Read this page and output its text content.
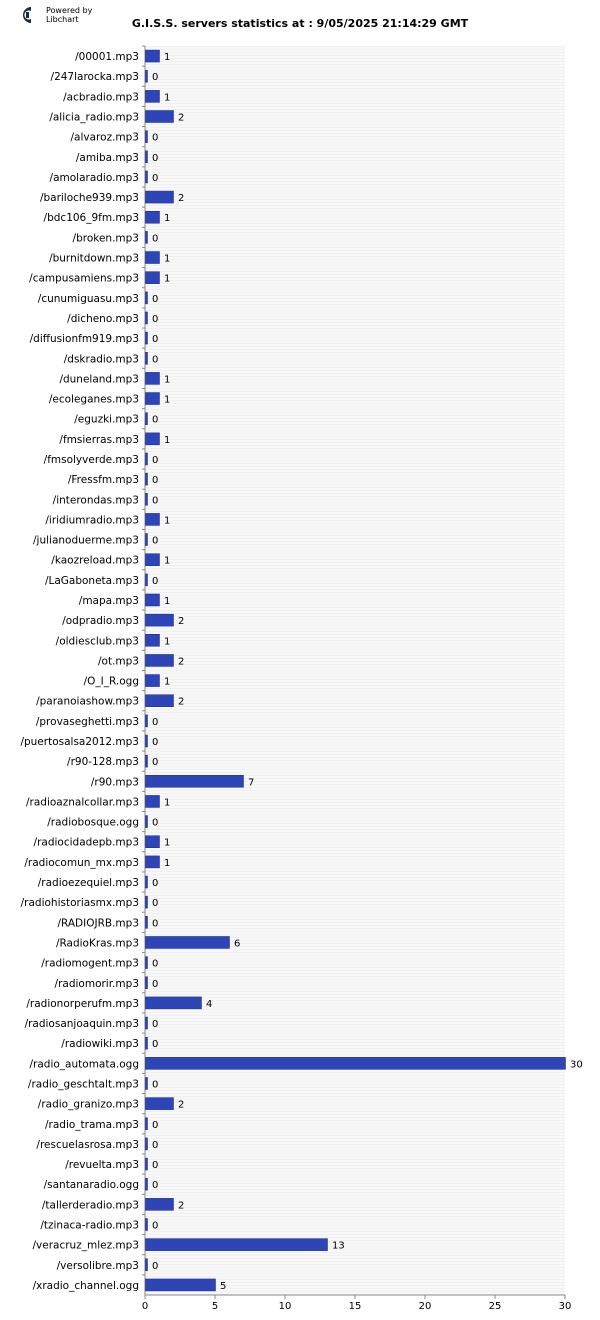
Powered by
Libchart	G.I.S.S. servers statistics at : 9/05/2025 21:14:29 GMT
/00001.mp3	1
/247larocka.mp3 0
/acbradio.mp3	1
/alicia_radio.mp3	2
/alvaroz.mp3 0
/amiba.mp3 0
/amolaradio.mp3 0
/bariloche939.mp3	2
/bdc106_9fm.mp3	1
/broken.mp3 0
/burnitdown.mp3	1
/campusamiens.mp3	1
/cunumiguasu.mp3 0
/dicheno.mp3 0
/diffusionfm919.mp3 0
/dskradio.mp3 0
/duneland.mp3	1
/ecoleganes.mp3	1
/eguzki.mp3 0
/fmsierras.mp3	1
/fmsolyverde.mp3 0
/Fressfm.mp3 0
/interondas.mp3 0
/iridiumradio.mp3	1
/julianoduerme.mp3 0
/kaozreload.mp3	1
/LaGaboneta.mp3 0
/mapa.mp3	1
/odpradio.mp3	2
/oldiesclub.mp3	1
/ot.mp3	2
/O_I_R.ogg	1
/paranoiashow.mp3	2
/provaseghetti.mp3 0
/puertosalsa2012.mp3 0
/r90-128.mp3 0
/r90.mp3	7
/radioaznalcollar.mp3	1
/radiobosque.ogg 0
/radiocidadepb.mp3	1
/radiocomun_mx.mp3	1
/radioezequiel.mp3 0
/radiohistoriasmx.mp3 0
/RADIOJRB.mp3 0
/RadioKras.mp3	6
/radiomogent.mp3 0
/radiomorir.mp3 0
/radionorperufm.mp3	4
/radiosanjoaquin.mp3 0
/radiowiki.mp3 0
/radio_automata.ogg	30
/radio_geschtalt.mp3 0
/radio_granizo.mp3	2
/radio_trama.mp3 0
/rescuelasrosa.mp3 0
/revuelta.mp3 0
/santanaradio.ogg 0
/tallerderadio.mp3	2
/tzinaca-radio.mp3 0
/veracruz_mlez.mp3	13
/versolibre.mp3 0
/xradio_channel.ogg	5
0	5	10	15	20	25	30
